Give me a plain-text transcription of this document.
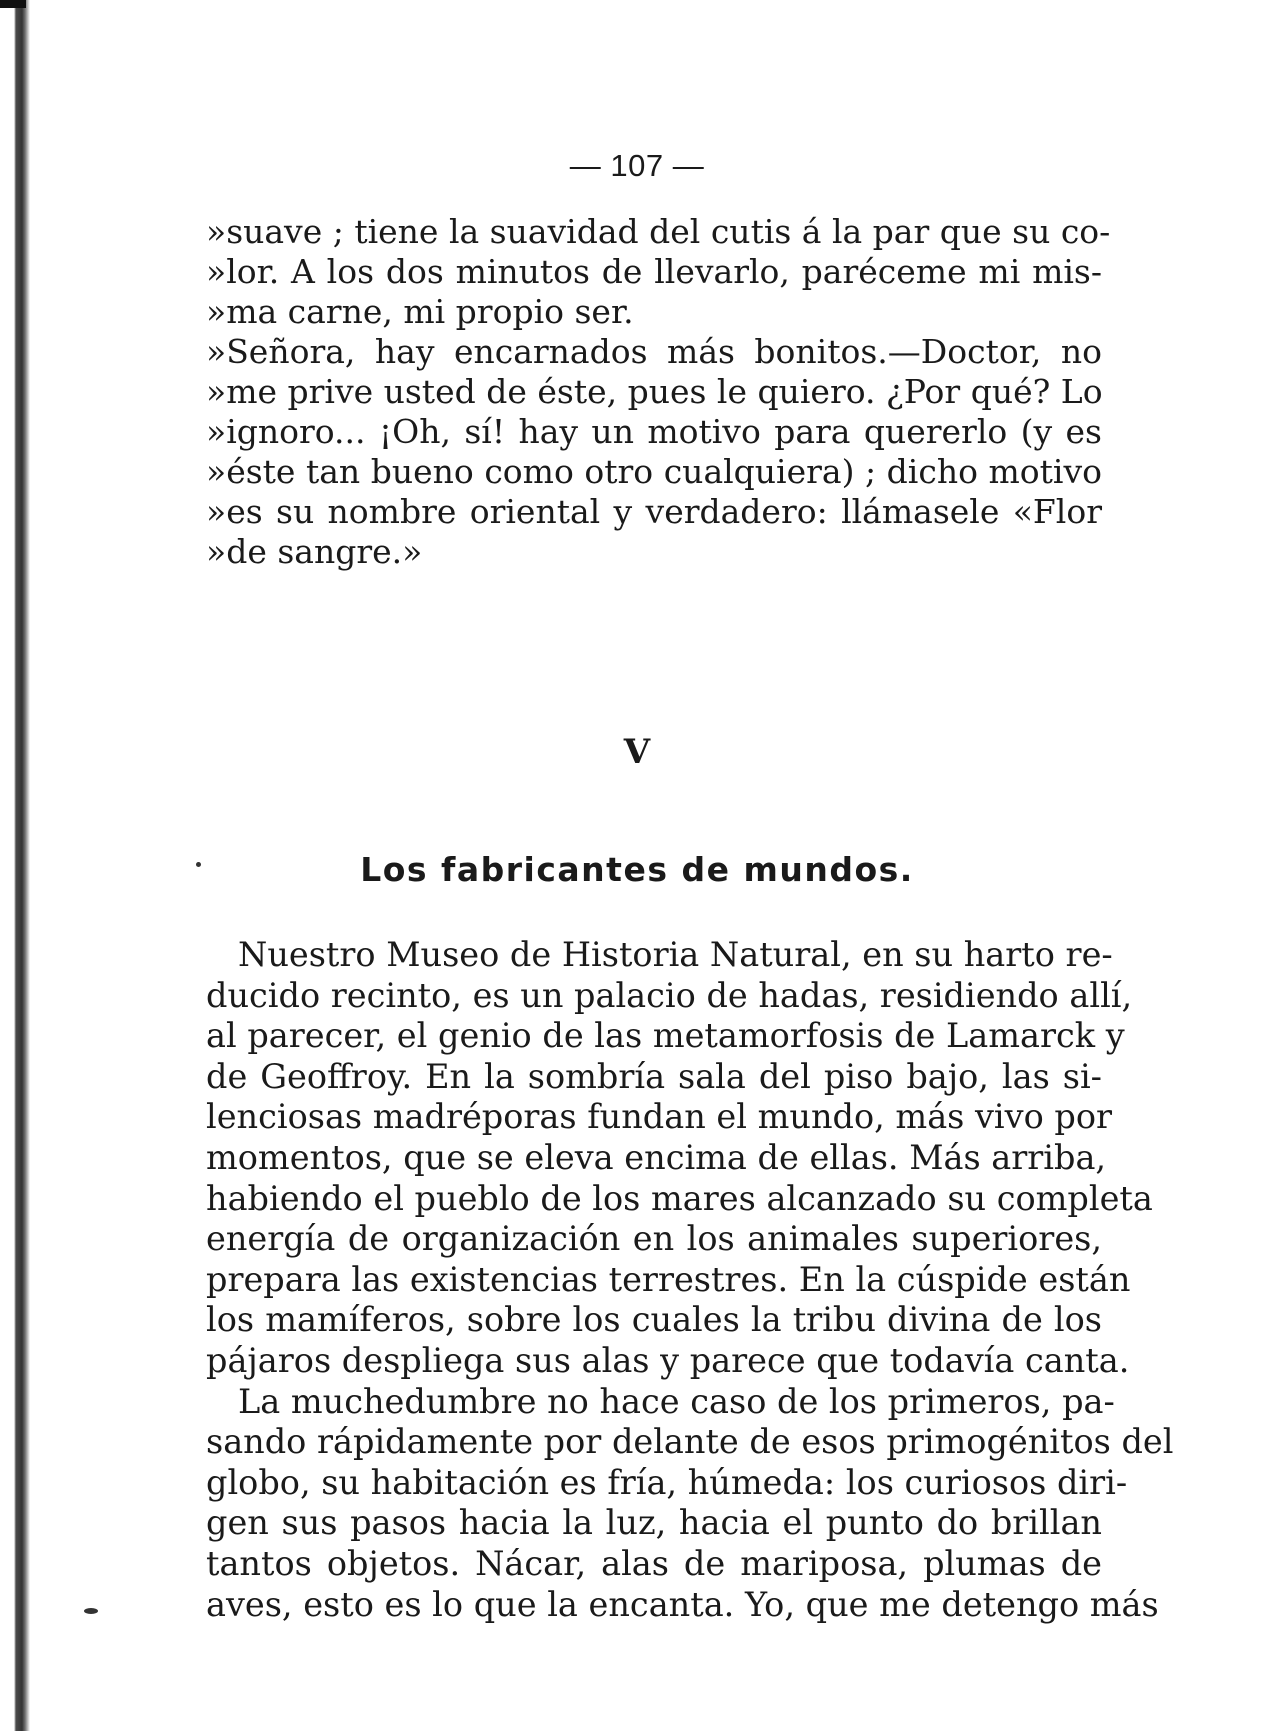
— 107 —
»suave ; tiene la suavidad del cutis á la par que su co-
»lor. A los dos minutos de llevarlo, paréceme mi mis-
»ma carne, mi propio ser.
»Señora, hay encarnados más bonitos.—Doctor, no
»me prive usted de éste, pues le quiero. ¿Por qué? Lo
»ignoro... ¡Oh, sí! hay un motivo para quererlo (y es
»éste tan bueno como otro cualquiera) ; dicho motivo
»es su nombre oriental y verdadero: llámasele «Flor
»de sangre.»
V
Los fabricantes de mundos.
Nuestro Museo de Historia Natural, en su harto re-
ducido recinto, es un palacio de hadas, residiendo allí,
al parecer, el genio de las metamorfosis de Lamarck y
de Geoffroy. En la sombría sala del piso bajo, las si-
lenciosas madréporas fundan el mundo, más vivo por
momentos, que se eleva encima de ellas. Más arriba,
habiendo el pueblo de los mares alcanzado su completa
energía de organización en los animales superiores,
prepara las existencias terrestres. En la cúspide están
los mamíferos, sobre los cuales la tribu divina de los
pájaros despliega sus alas y parece que todavía canta.
La muchedumbre no hace caso de los primeros, pa-
sando rápidamente por delante de esos primogénitos del
globo, su habitación es fría, húmeda: los curiosos diri-
gen sus pasos hacia la luz, hacia el punto do brillan
tantos objetos. Nácar, alas de mariposa, plumas de
aves, esto es lo que la encanta. Yo, que me detengo más
